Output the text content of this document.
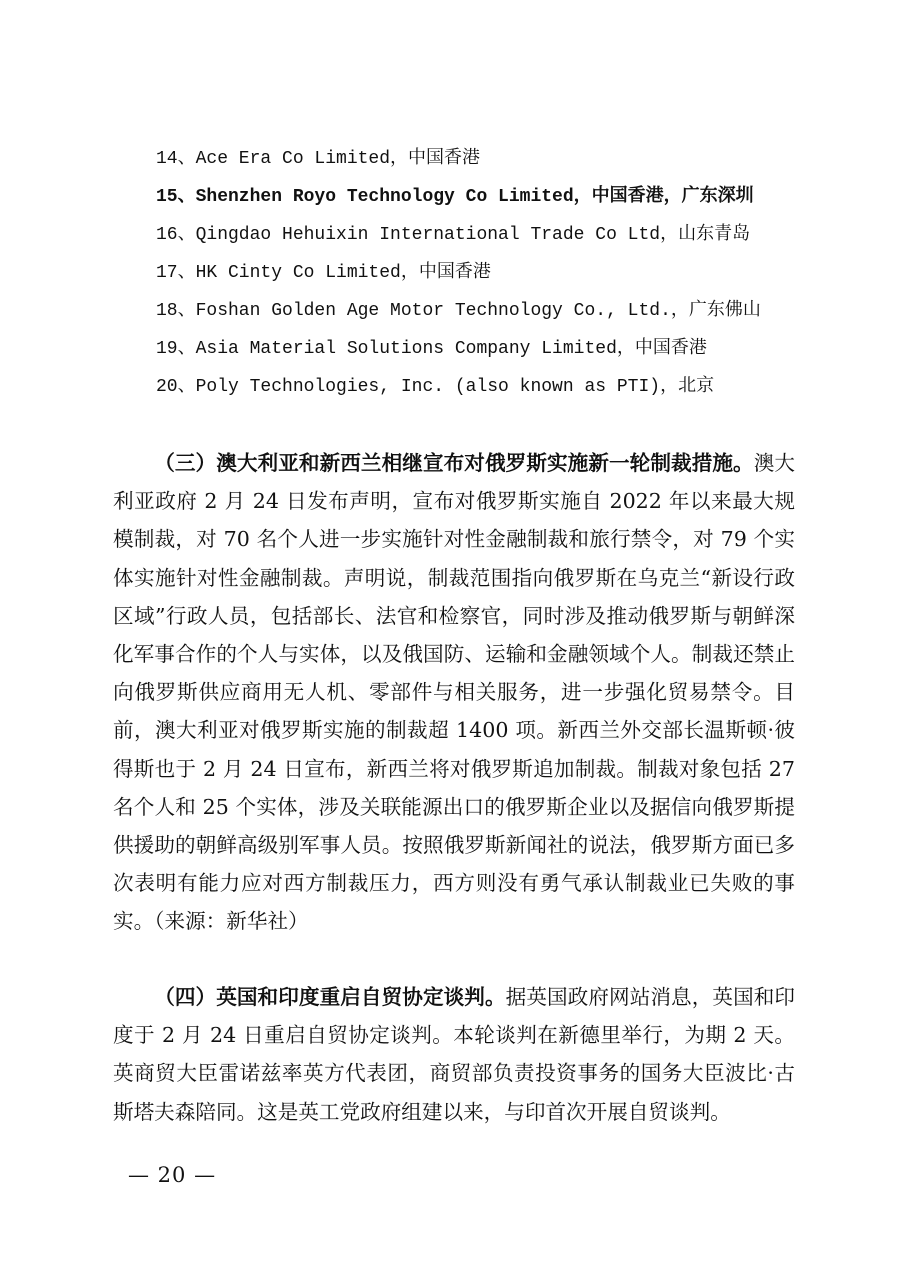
14、Ace Era Co Limited，中国香港
15、Shenzhen Royo Technology Co Limited，中国香港，广东深圳
16、Qingdao Hehuixin International Trade Co Ltd，山东青岛
17、HK Cinty Co Limited，中国香港
18、Foshan Golden Age Motor Technology Co., Ltd.，广东佛山
19、Asia Material Solutions Company Limited，中国香港
20、Poly Technologies, Inc. (also known as PTI)，北京

（三）澳大利亚和新西兰相继宣布对俄罗斯实施新一轮制裁措施。澳大利亚政府 2 月 24 日发布声明，宣布对俄罗斯实施自 2022 年以来最大规模制裁，对 70 名个人进一步实施针对性金融制裁和旅行禁令，对 79 个实体实施针对性金融制裁。声明说，制裁范围指向俄罗斯在乌克兰“新设行政区域”行政人员，包括部长、法官和检察官，同时涉及推动俄罗斯与朝鲜深化军事合作的个人与实体，以及俄国防、运输和金融领域个人。制裁还禁止向俄罗斯供应商用无人机、零部件与相关服务，进一步强化贸易禁令。目前，澳大利亚对俄罗斯实施的制裁超 1400 项。新西兰外交部长温斯顿·彼得斯也于 2 月 24 日宣布，新西兰将对俄罗斯追加制裁。制裁对象包括 27 名个人和 25 个实体，涉及关联能源出口的俄罗斯企业以及据信向俄罗斯提供援助的朝鲜高级别军事人员。按照俄罗斯新闻社的说法，俄罗斯方面已多次表明有能力应对西方制裁压力，西方则没有勇气承认制裁业已失败的事实。（来源：新华社）

（四）英国和印度重启自贸协定谈判。据英国政府网站消息，英国和印度于 2 月 24 日重启自贸协定谈判。本轮谈判在新德里举行，为期 2 天。英商贸大臣雷诺兹率英方代表团，商贸部负责投资事务的国务大臣波比·古斯塔夫森陪同。这是英工党政府组建以来，与印首次开展自贸谈判。

— 20 —
